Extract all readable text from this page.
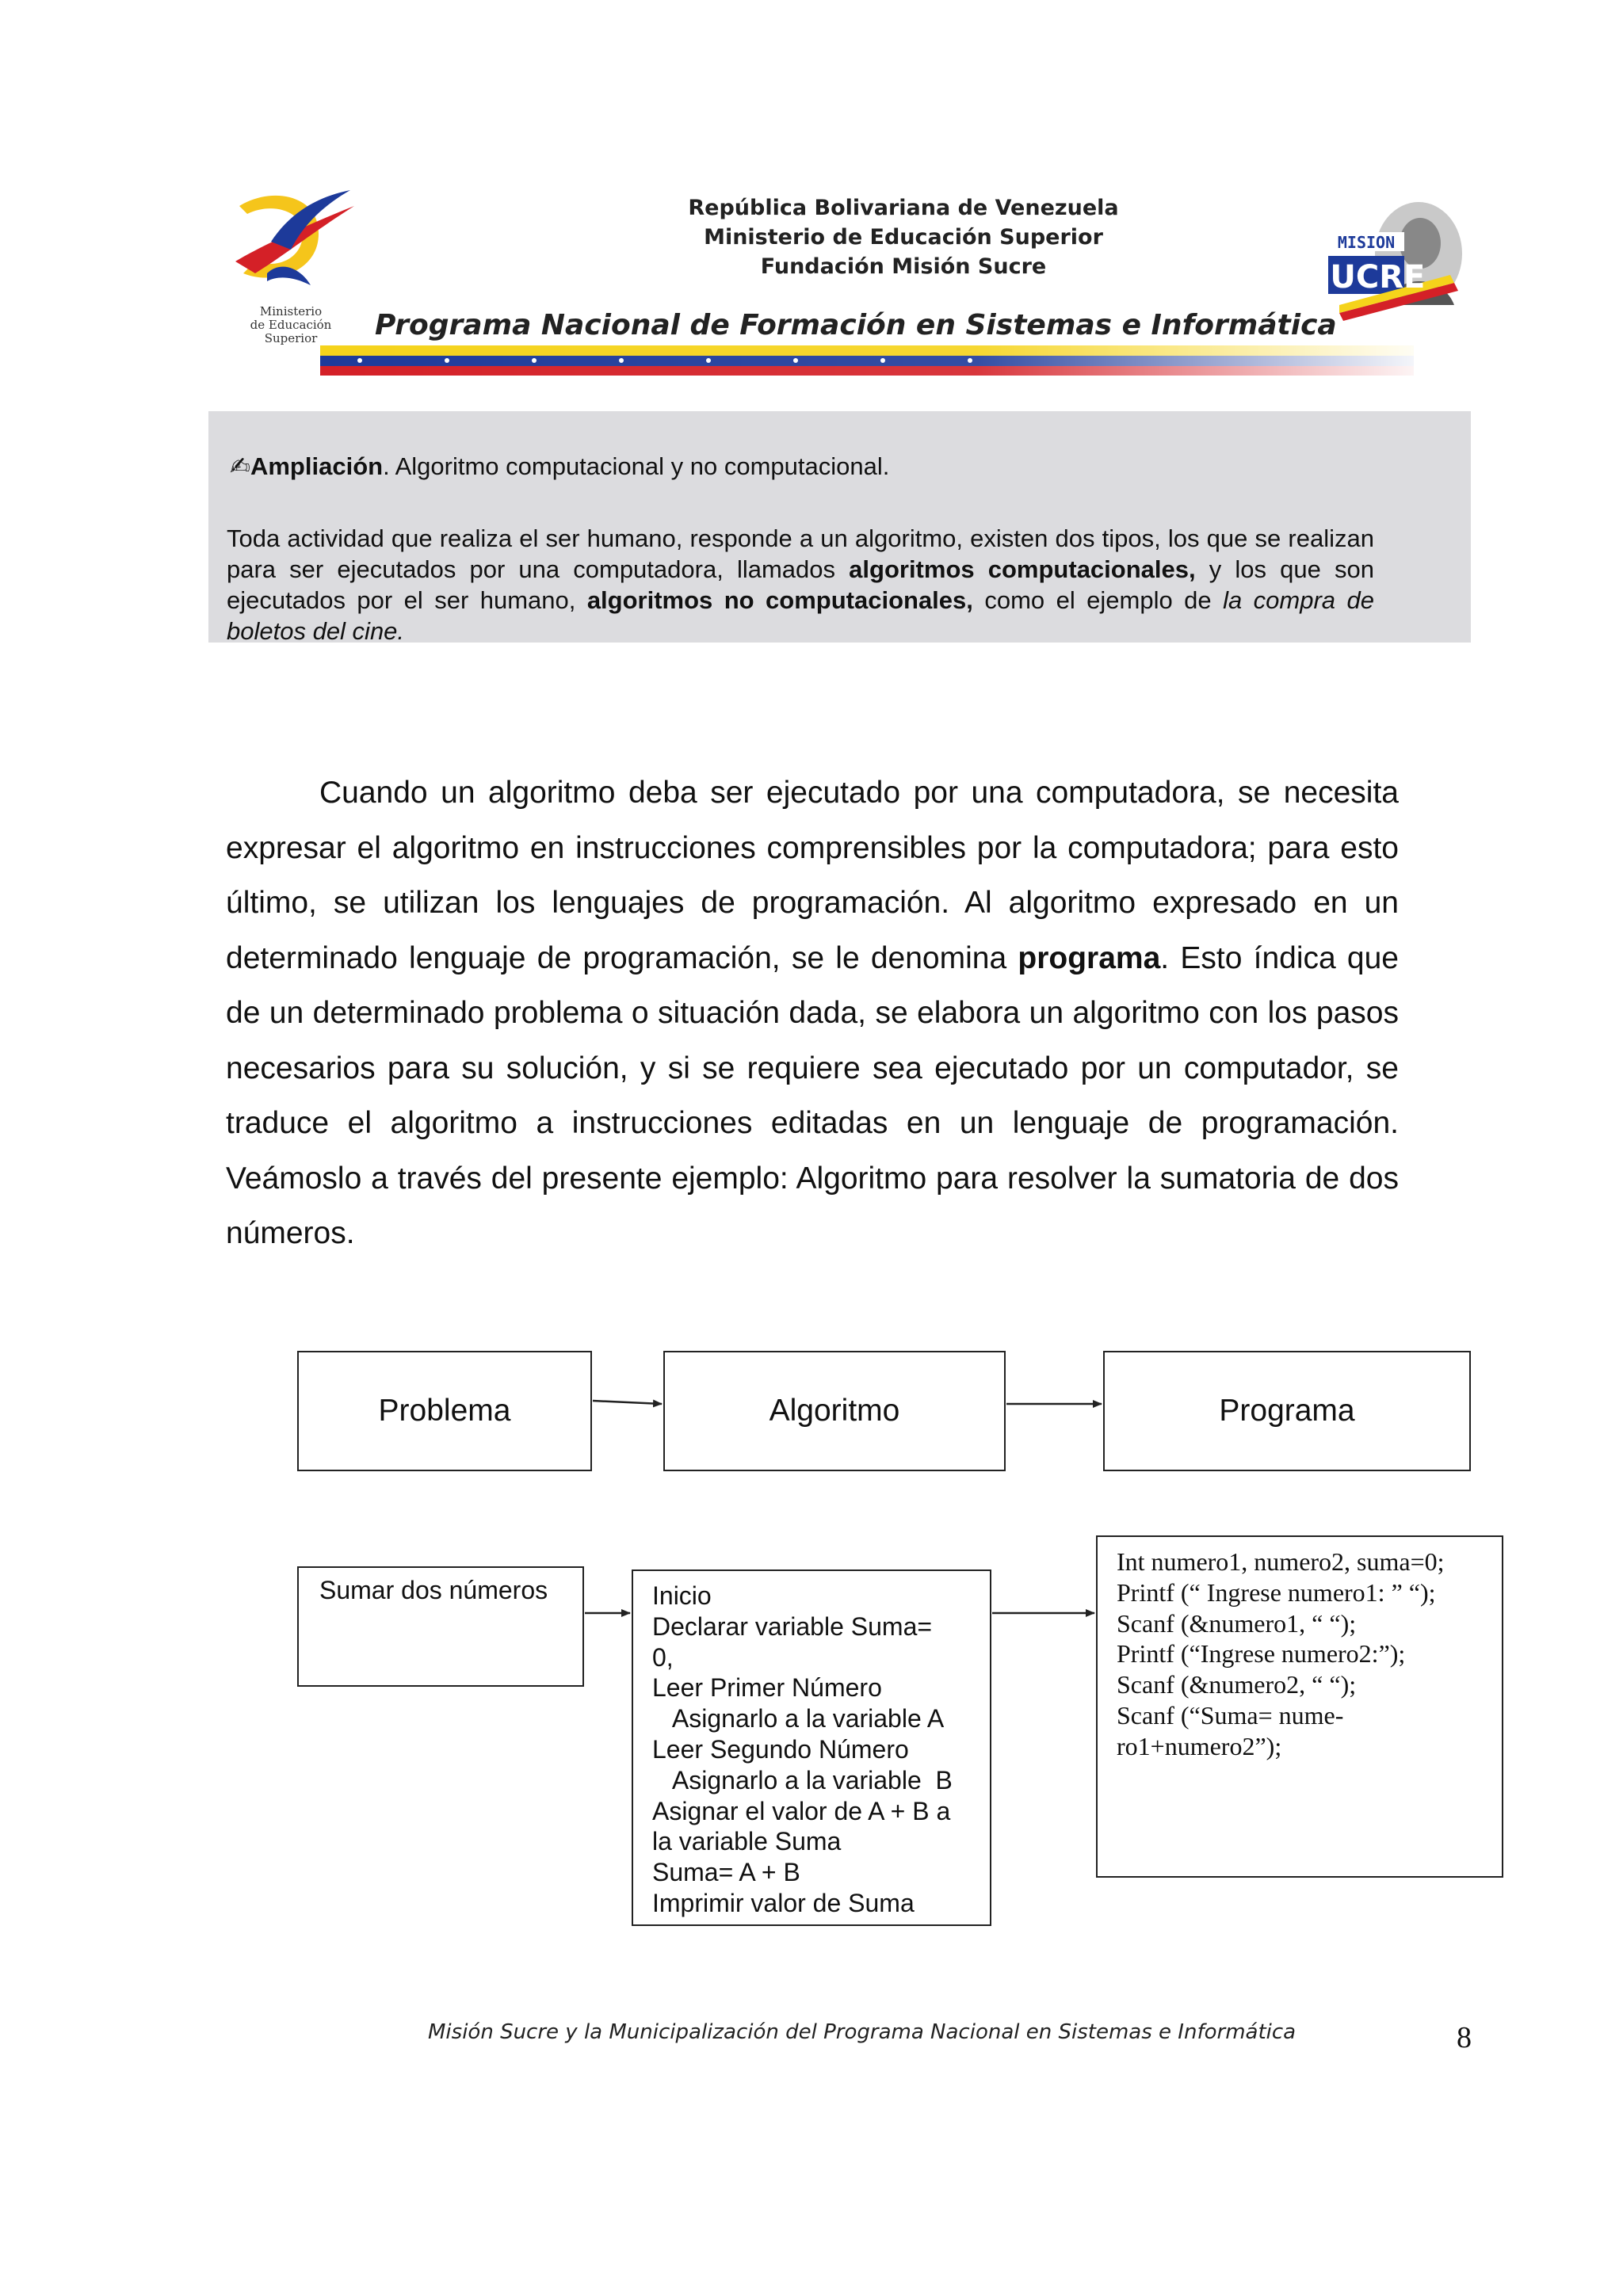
Ministerio
de Educación Superior
República Bolivariana de Venezuela
Ministerio de Educación Superior
Fundación Misión Sucre
Programa Nacional de Formación en Sistemas e Informática
MISION
SUCRE
✍Ampliación. Algoritmo computacional y no computacional.
Toda actividad que realiza el ser humano, responde a un algoritmo, existen dos tipos, los que se realizan para ser ejecutados por una computadora, llamados algoritmos computacionales, y los que son ejecutados por el ser humano, algoritmos no computacionales, como el ejemplo de la compra de boletos del cine.
Cuando un algoritmo deba ser ejecutado por una computadora, se necesita expresar el algoritmo en instrucciones comprensibles por la computadora; para esto último, se utilizan los lenguajes de programación. Al algoritmo expresado en un determinado lenguaje de programación, se le denomina programa. Esto índica que de un determinado problema o situación dada, se elabora un algoritmo con los pasos necesarios para su solución, y si se requiere sea ejecutado por un computador, se traduce el algoritmo a instrucciones editadas en un lenguaje de programación. Veámoslo a través del presente ejemplo: Algoritmo para resolver la sumatoria de dos números.
Problema	Algoritmo	Programa
Sumar dos números	Inicio
Declarar variable Suma=
0,
Leer Primer Número
Asignarlo a la variable A
Leer Segundo Número
Asignarlo a la variable  B
Asignar el valor de A + B a
la variable Suma
Suma= A + B
Imprimir valor de Suma
Int numero1, numero2, suma=0;
Printf (“ Ingrese numero1: ” “);
Scanf (&numero1, “ “);
Printf (“Ingrese numero2:”);
Scanf (&numero2, “ “);
Scanf (“Suma= nume-
ro1+numero2”);
Misión Sucre y la Municipalización del Programa Nacional en Sistemas e Informática	8
